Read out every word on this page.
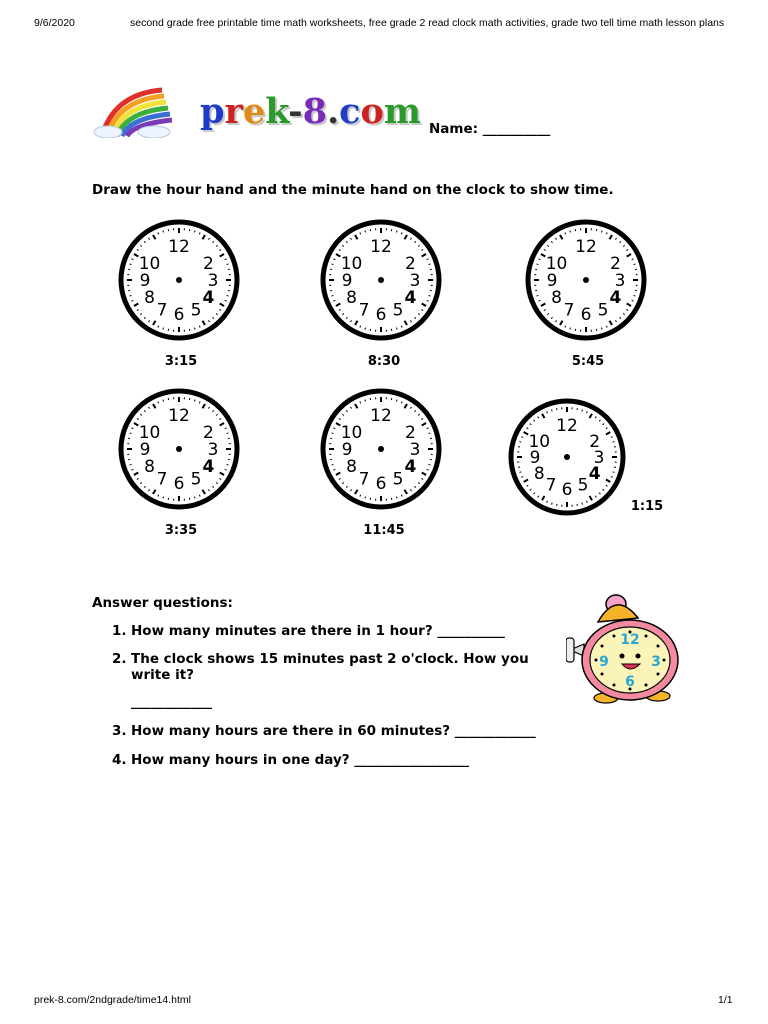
9/6/2020	second grade free printable time math worksheets, free grade 2 read clock math activities, grade two tell time math lesson plans
prek-8.com Name: __________
Draw the hour hand and the minute hand on the clock to show time.
12
2
3
4
5
6
7
8
9
10
3:15
12
2
3
4
5
6
7
8
9
10
8:30
12
2
3
4
5
6
7
8
9
10
5:45
12
2
3
4
5
6
7
8
9
10
3:35
12
2
3
4
5
6
7
8
9
10
11:45
12
2
3
4
5
6
7
8
9
10
1:15
Answer questions:
1. How many minutes are there in 1 hour? __________
2. The clock shows 15 minutes past 2 o'clock. How you write it?
____________
3. How many hours are there in 60 minutes? ____________
4. How many hours in one day? _________________
12
3
6
9
prek-8.com/2ndgrade/time14.html	1/1
